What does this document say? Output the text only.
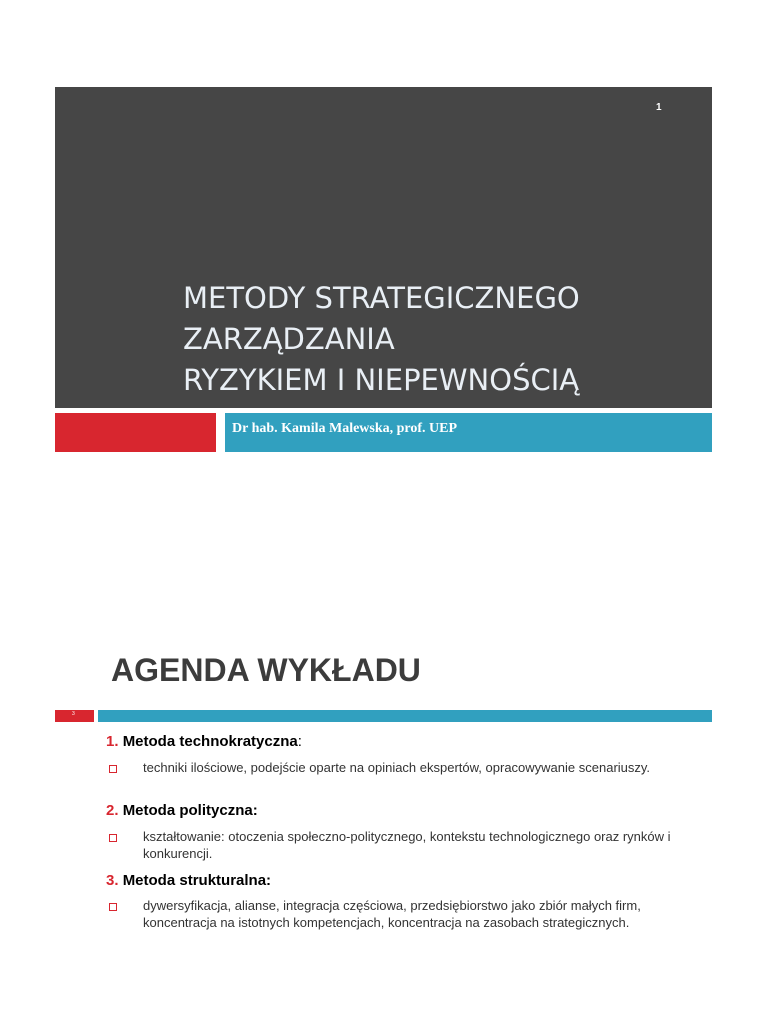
1
METODY STRATEGICZNEGO
ZARZĄDZANIA
RYZYKIEM I NIEPEWNOŚCIĄ
Dr hab. Kamila Malewska, prof. UEP
AGENDA WYKŁADU
3
1. Metoda technokratyczna:
techniki ilościowe, podejście oparte na opiniach ekspertów, opracowywanie scenariuszy.
2. Metoda polityczna:
kształtowanie: otoczenia społeczno-politycznego, kontekstu technologicznego oraz rynków i konkurencji.
3. Metoda strukturalna:
dywersyfikacja, alianse, integracja częściowa, przedsiębiorstwo jako zbiór małych firm, koncentracja na istotnych kompetencjach, koncentracja na zasobach strategicznych.
